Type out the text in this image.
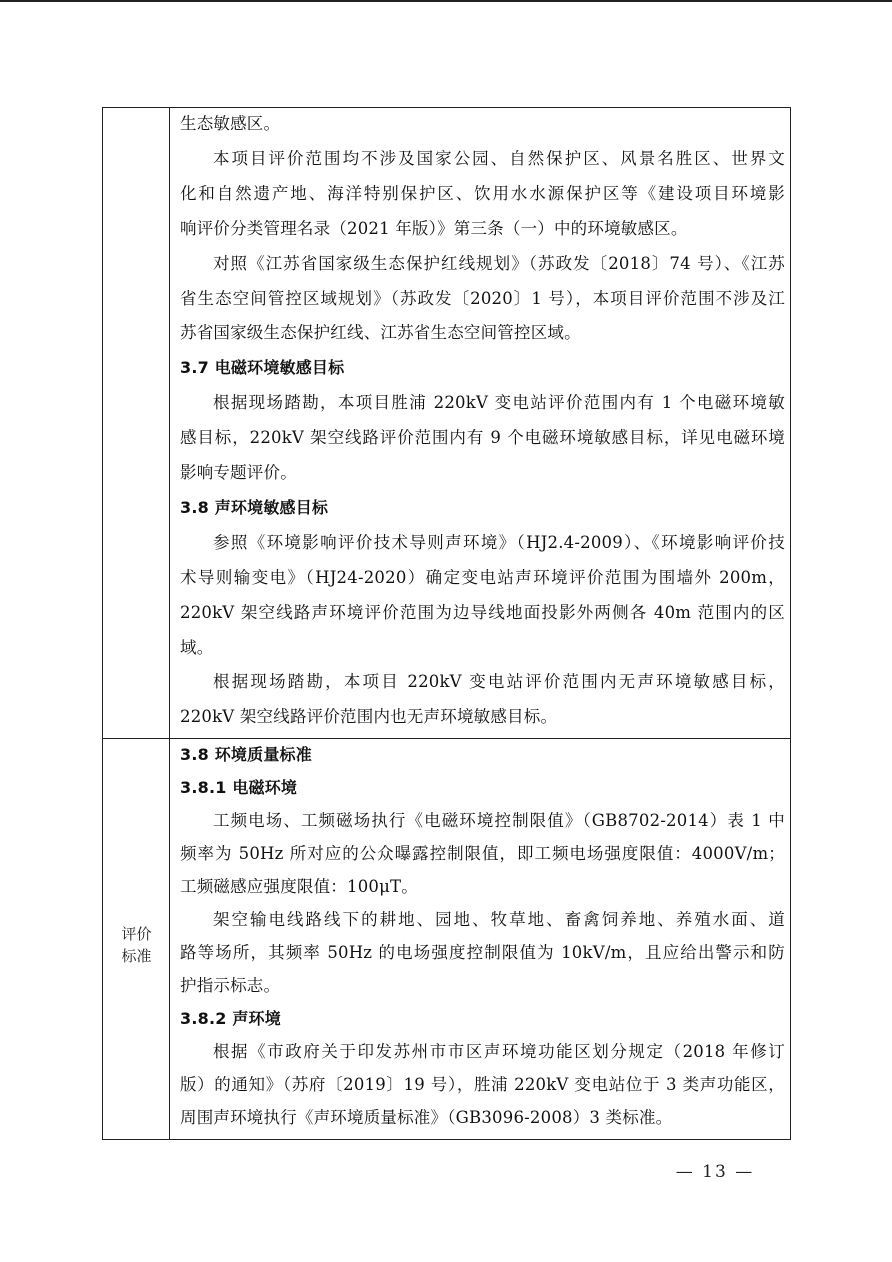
生态敏感区。
本项目评价范围均不涉及国家公园、自然保护区、风景名胜区、世界文
化和自然遗产地、海洋特别保护区、饮用水水源保护区等《建设项目环境影
响评价分类管理名录（2021 年版）》第三条（一）中的环境敏感区。
对照《江苏省国家级生态保护红线规划》（苏政发〔2018〕74 号）、《江苏
省生态空间管控区域规划》（苏政发〔2020〕1 号），本项目评价范围不涉及江
苏省国家级生态保护红线、江苏省生态空间管控区域。
3.7 电磁环境敏感目标
根据现场踏勘，本项目胜浦 220kV 变电站评价范围内有 1 个电磁环境敏
感目标，220kV 架空线路评价范围内有 9 个电磁环境敏感目标，详见电磁环境
影响专题评价。
3.8 声环境敏感目标
参照《环境影响评价技术导则声环境》（HJ2.4-2009）、《环境影响评价技
术导则输变电》（HJ24-2020）确定变电站声环境评价范围为围墙外 200m，
220kV 架空线路声环境评价范围为边导线地面投影外两侧各 40m 范围内的区
域。
根据现场踏勘，本项目 220kV 变电站评价范围内无声环境敏感目标，
220kV 架空线路评价范围内也无声环境敏感目标。
评价
标准
3.8 环境质量标准
3.8.1 电磁环境
工频电场、工频磁场执行《电磁环境控制限值》（GB8702-2014）表 1 中
频率为 50Hz 所对应的公众曝露控制限值，即工频电场强度限值：4000V/m；
工频磁感应强度限值：100μT。
架空输电线路线下的耕地、园地、牧草地、畜禽饲养地、养殖水面、道
路等场所，其频率 50Hz 的电场强度控制限值为 10kV/m，且应给出警示和防
护指示标志。
3.8.2 声环境
根据《市政府关于印发苏州市市区声环境功能区划分规定（2018 年修订
版）的通知》（苏府〔2019〕19 号），胜浦 220kV 变电站位于 3 类声功能区，
周围声环境执行《声环境质量标准》（GB3096-2008）3 类标准。
— 13 —
